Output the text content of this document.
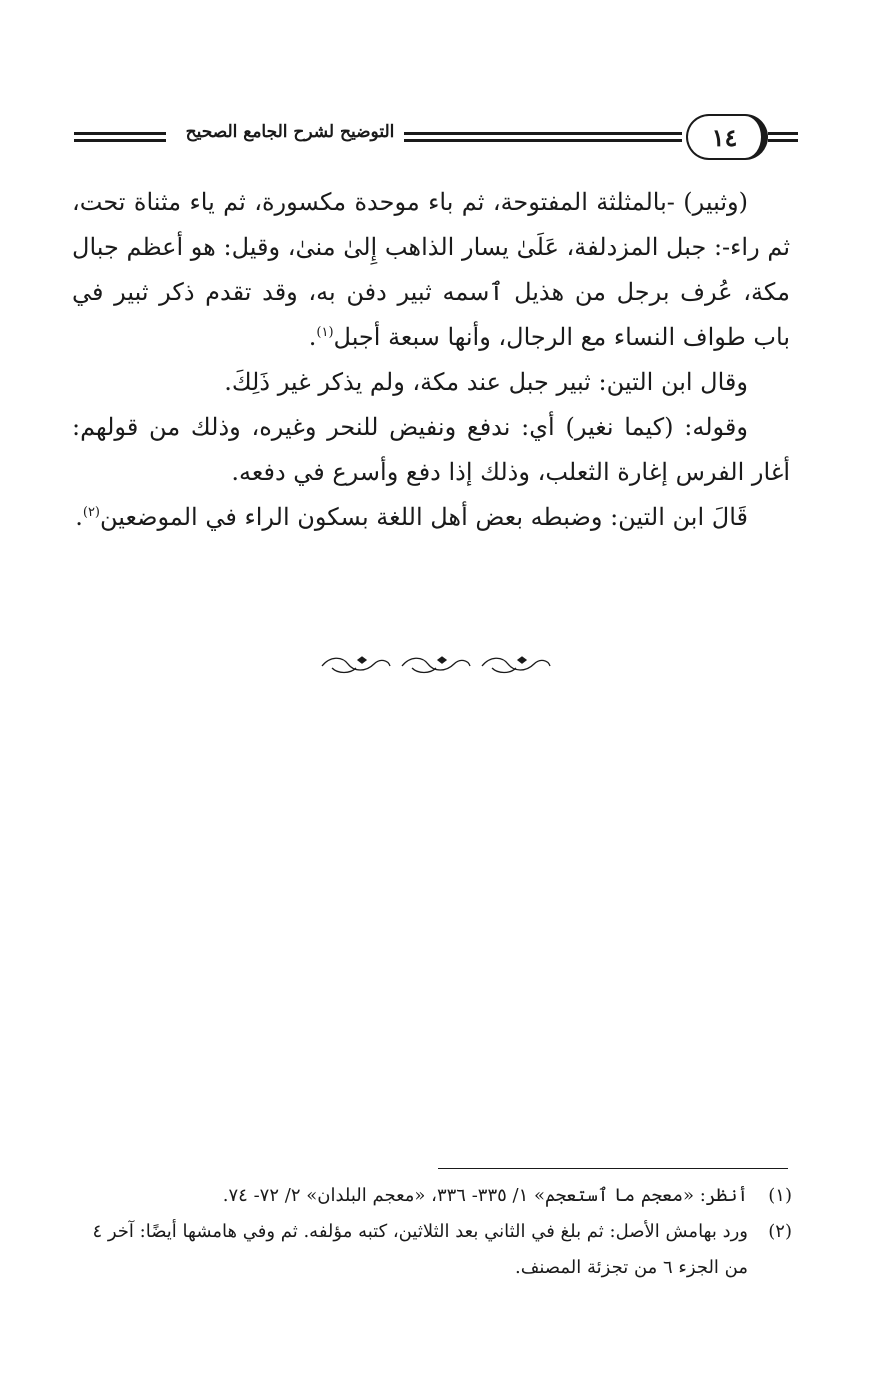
التوضيح لشرح الجامع الصحيح	١٤

(وثبير) -بالمثلثة المفتوحة، ثم باء موحدة مكسورة، ثم ياء مثناة تحت، ثم راء-: جبل المزدلفة، عَلَىٰ يسار الذاهب إِلىٰ منىٰ، وقيل: هو أعظم جبال مكة، عُرف برجل من هذيل ٱسمه ثبير دفن به، وقد تقدم ذكر ثبير في باب طواف النساء مع الرجال، وأنها سبعة أجبل$^{(١)}$.

وقال ابن التين: ثبير جبل عند مكة، ولم يذكر غير ذَلِكَ.

وقوله: (كيما نغير) أي: ندفع ونفيض للنحر وغيره، وذلك من قولهم: أغار الفرس إغارة الثعلب، وذلك إذا دفع وأسرع في دفعه.

قَالَ ابن التين: وضبطه بعض أهل اللغة بسكون الراء في الموضعين$^{(٢)}$.

(١)
أنظر: «معجم ما ٱستعجم» ١/ ٣٣٥- ٣٣٦، «معجم البلدان» ٢/ ٧٢- ٧٤.
(٢)
ورد بهامش الأصل: ثم بلغ في الثاني بعد الثلاثين، كتبه مؤلفه. ثم وفي هامشها أيضًا: آخر ٤ من الجزء ٦ من تجزئة المصنف.
